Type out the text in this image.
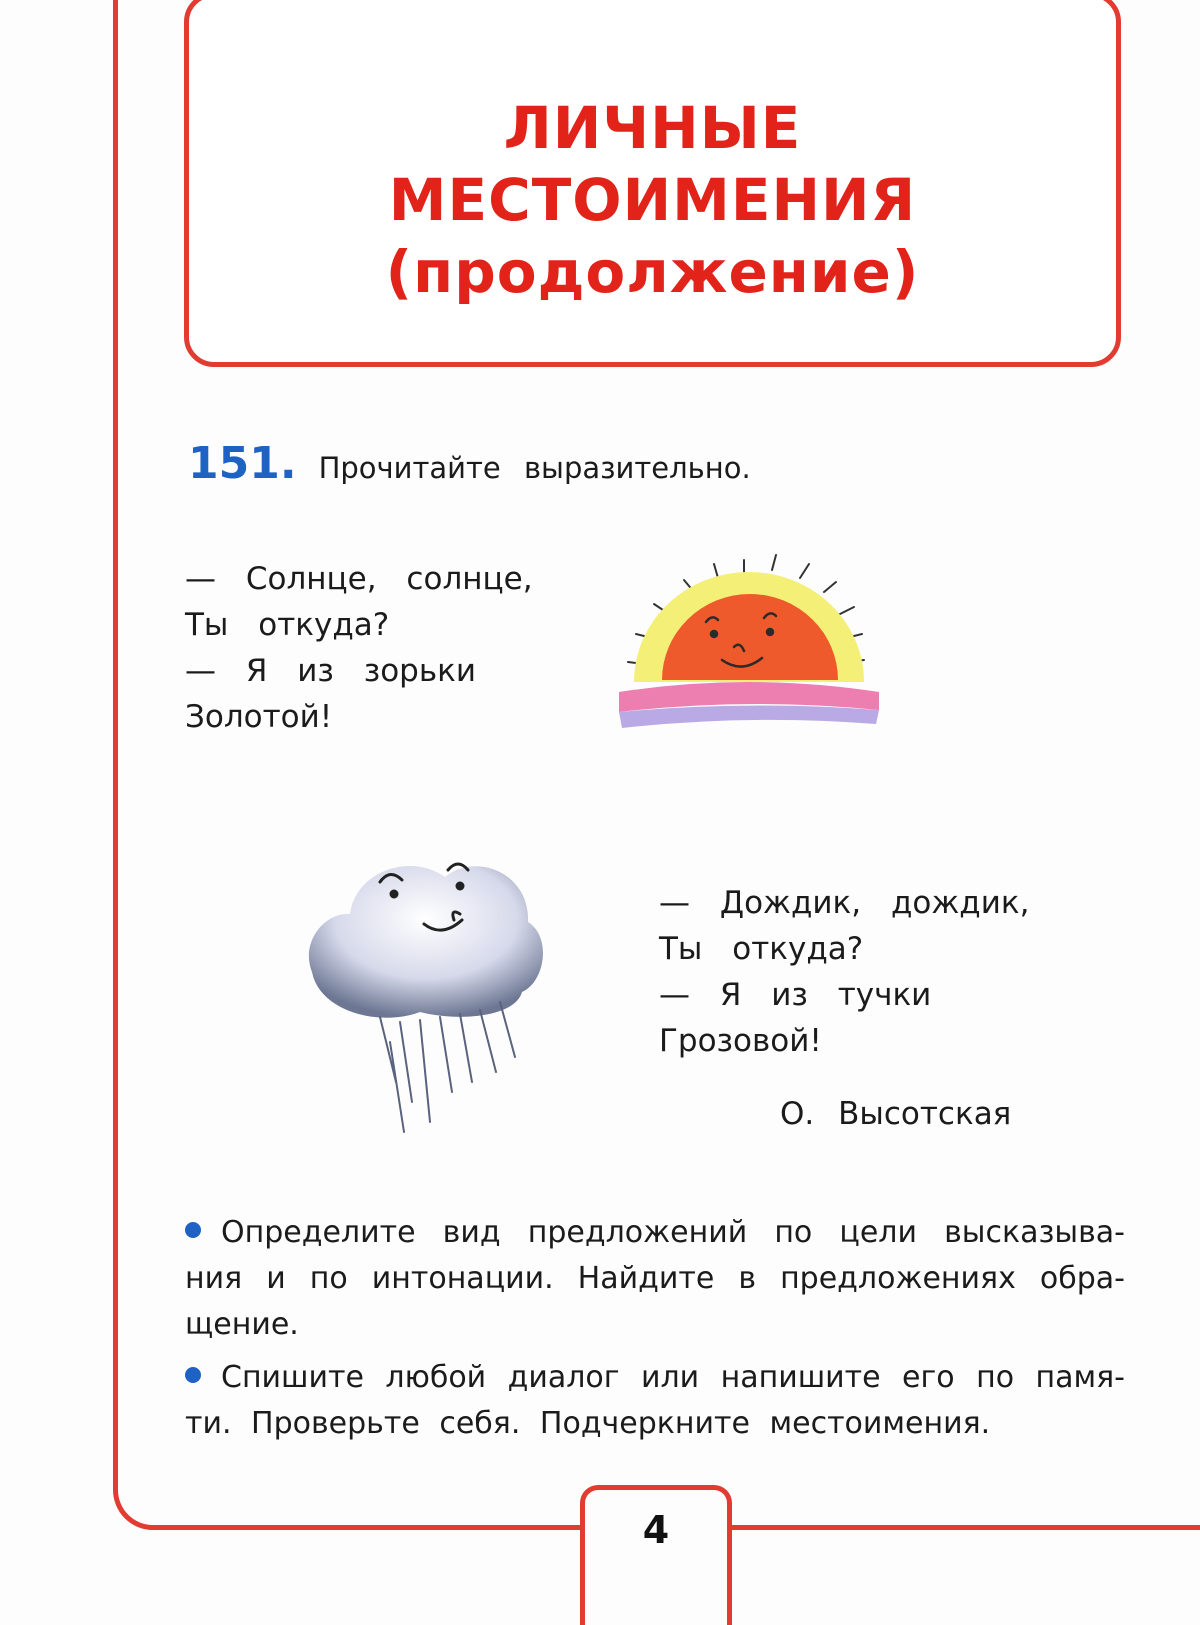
ЛИЧНЫЕ
МЕСТОИМЕНИЯ
(продолжение)
151. Прочитайте выразительно.
— Солнце, солнце,
Ты откуда?
— Я из зорьки
Золотой!
— Дождик, дождик,
Ты откуда?
— Я из тучки
Грозовой!
О. Высотская
Определите вид предложений по цели высказывания и по интонации. Найдите в предложениях обращение.
Спишите любой диалог или напишите его по памяти. Проверьте себя. Подчеркните местоимения.
4
